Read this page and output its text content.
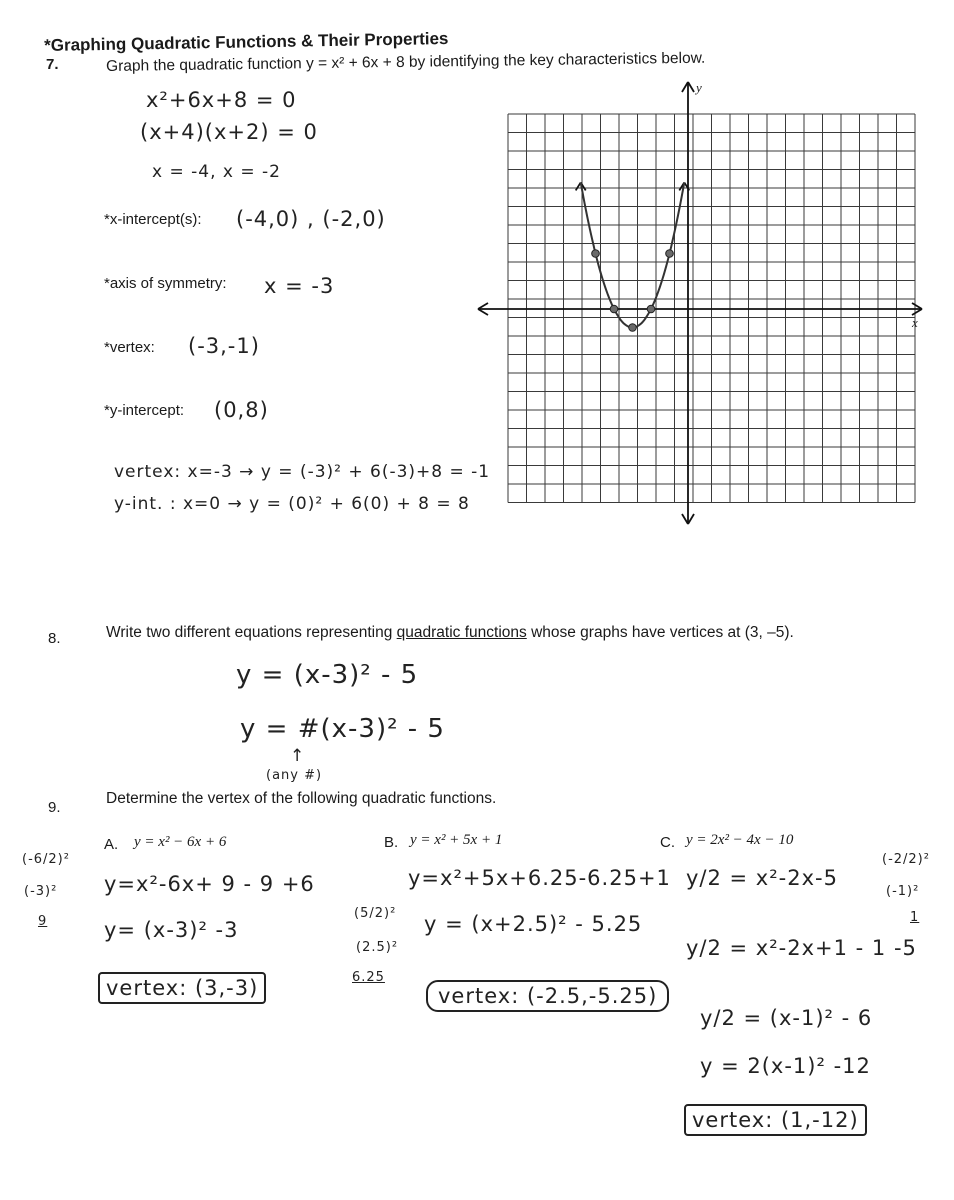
*Graphing Quadratic Functions & Their Properties
7.	Graph the quadratic function y = x² + 6x + 8 by identifying the key characteristics below.
x²+6x+8 = 0
(x+4)(x+2) = 0
x = -4, x = -2
*x-intercept(s): (-4,0) , (-2,0)
*axis of symmetry: x = -3
*vertex: (-3,-1)
*y-intercept: (0,8)
vertex: x=-3 → y = (-3)² + 6(-3)+8 = -1
y-int. : x=0 → y = (0)² + 6(0) + 8 = 8
x
y
8.	Write two different equations representing quadratic functions whose graphs have vertices at (3, –5).
y = (x-3)² - 5
y = #(x-3)² - 5
↑
(any #)
9.
Determine the vertex of the following quadratic functions.
(-6/2)²
(-3)²
9
A. y = x² − 6x + 6
y=x²-6x+ 9 - 9 +6
y= (x-3)² -3
vertex: (3,-3)
B. y = x² + 5x + 1
y=x²+5x+6.25-6.25+1
(5/2)²
(2.5)²
6.25
y = (x+2.5)² - 5.25
vertex: (-2.5,-5.25)
C. y = 2x² − 4x − 10
(-2/2)²
(-1)²
1
y/2 = x²-2x-5
y/2 = x²-2x+1 - 1 -5
y/2 = (x-1)² - 6
y = 2(x-1)² -12
vertex: (1,-12)
